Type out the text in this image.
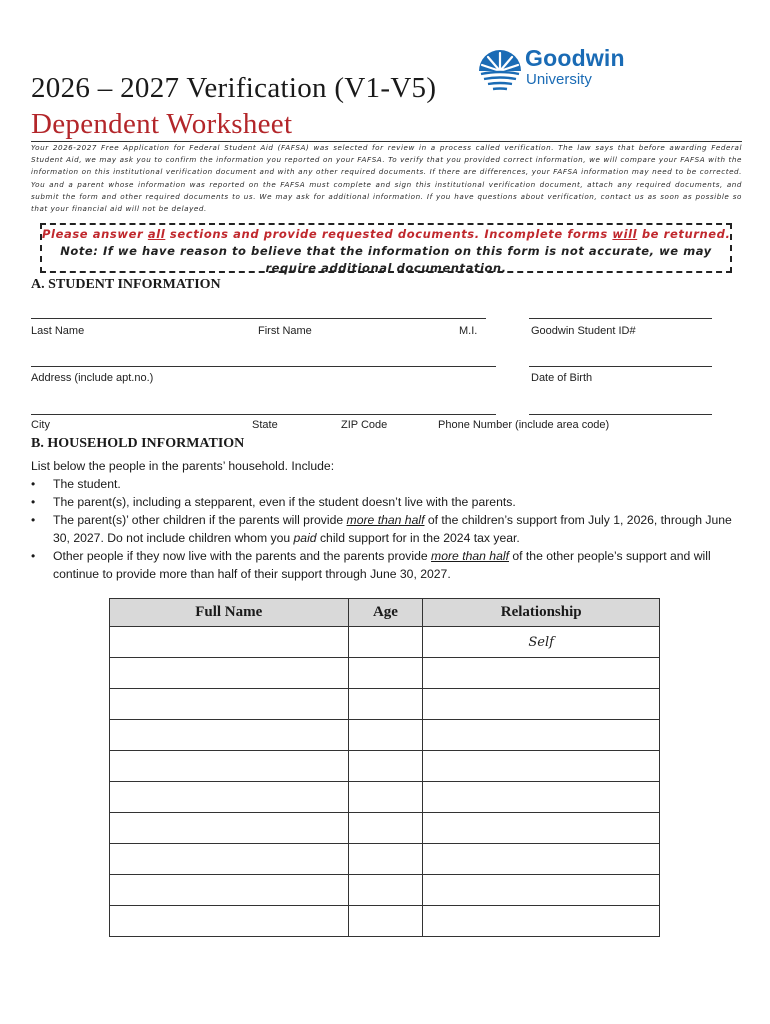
2026 – 2027 Verification (V1-V5)
Dependent Worksheet
Goodwin
University
Your 2026-2027 Free Application for Federal Student Aid (FAFSA) was selected for review in a process called verification. The law says that before awarding Federal Student Aid, we may ask you to confirm the information you reported on your FAFSA. To verify that you provided correct information, we will compare your FAFSA with the information on this institutional verification document and with any other required documents. If there are differences, your FAFSA information may need to be corrected. You and a parent whose information was reported on the FAFSA must complete and sign this institutional verification document, attach any required documents, and submit the form and other required documents to us. We may ask for additional information. If you have questions about verification, contact us as soon as possible so that your financial aid will not be delayed.
Please answer all sections and provide requested documents. Incomplete forms will be returned.
Note: If we have reason to believe that the information on this form is not accurate, we may require additional documentation.
A. STUDENT INFORMATION
Last Name	First Name	M.I.	Goodwin Student ID#
Address (include apt.no.)	Date of Birth
City	State	ZIP Code	Phone Number (include area code)
B. HOUSEHOLD INFORMATION
List below the people in the parents’ household. Include:
•	The student.
•	The parent(s), including a stepparent, even if the student doesn’t live with the parents.
•	The parent(s)’ other children if the parents will provide more than half of the children’s support from July 1, 2026, through June 30, 2027. Do not include children whom you paid child support for in the 2024 tax year.
•	Other people if they now live with the parents and the parents provide more than half of the other people’s support and will continue to provide more than half of their support through June 30, 2027.
Full Name	Age	Relationship
		Self
